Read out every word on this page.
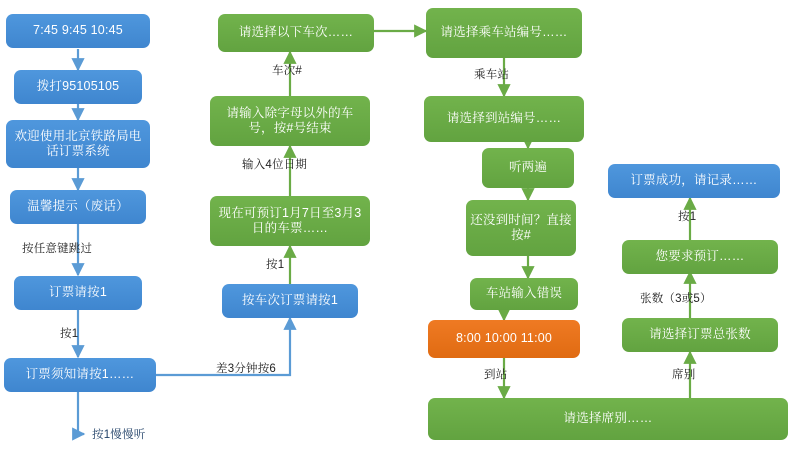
7:45 9:45 10:45
拨打95105105
欢迎使用北京铁路局电话订票系统
温馨提示（废话）
订票请按1
订票须知请按1……
按车次订票请按1
现在可预订1月7日至3月3日的车票……
请输入除字母以外的车号，按#号结束
请选择以下车次……	请选择乘车站编号……
请选择到站编号……
听两遍
还没到时间？直接按#
车站输入错误
8:00 10:00 11:00
请选择席别……
请选择订票总张数
您要求预订……
订票成功，请记录……
按任意键跳过
按1
按1慢慢听
差3分钟按6
按1
输入4位日期
车次#	乘车站
到站	席别
张数（3或5）
按1
